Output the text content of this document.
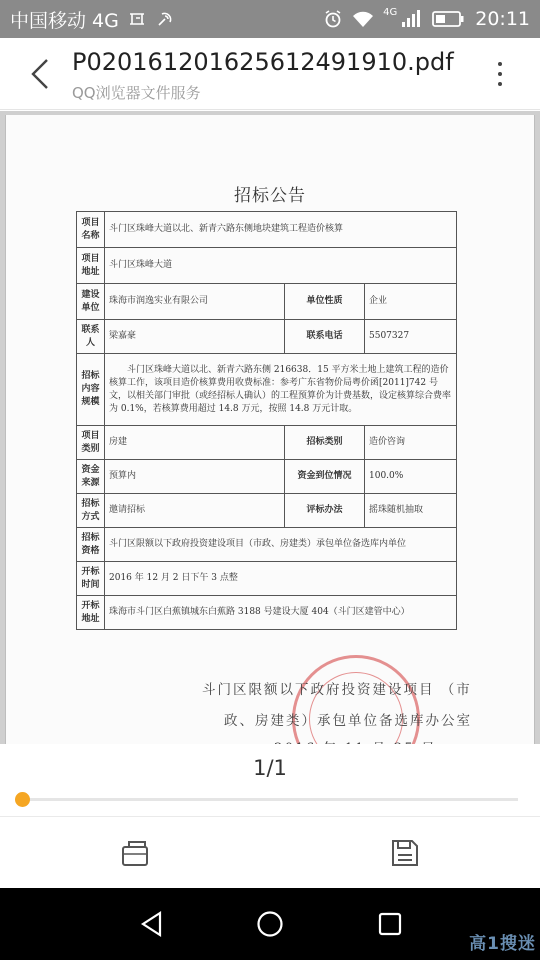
中国移动 4G	4G	20:11
P020161201625612491910.pdf
QQ浏览器文件服务
招标公告
项目名称	斗门区珠峰大道以北、新青六路东侧地块建筑工程造价核算		
项目地址	斗门区珠峰大道		
建设单位	珠海市润逸实业有限公司	单位性质	企业
联系人	梁嘉豪	联系电话	5507327
招标内容规模	斗门区珠峰大道以北、新青六路东侧 216638．15 平方米土地上建筑工程的造价核算工作，该项目造价核算费用收费标准：参考广东省物价局粤价函[2011]742 号文，以相关部门审批（或经招标人确认）的工程预算价为计费基数，设定核算综合费率为 0.1%，若核算费用超过 14.8 万元，按照 14.8 万元计取。		
项目类别	房建	招标类别	造价咨询
资金来源	预算内	资金到位情况	100.0%
招标方式	邀请招标	评标办法	摇珠随机抽取
招标资格	斗门区限额以下政府投资建设项目（市政、房建类）承包单位备选库内单位		
开标时间	2016 年 12 月 2 日下午 3 点整		
开标地址	珠海市斗门区白蕉镇城东白蕉路 3188 号建设大厦 404（斗门区建管中心）		
斗门区限额以下政府投资建设项目 （市
政、房建类）承包单位备选库办公室
1/1
高1搜迷
